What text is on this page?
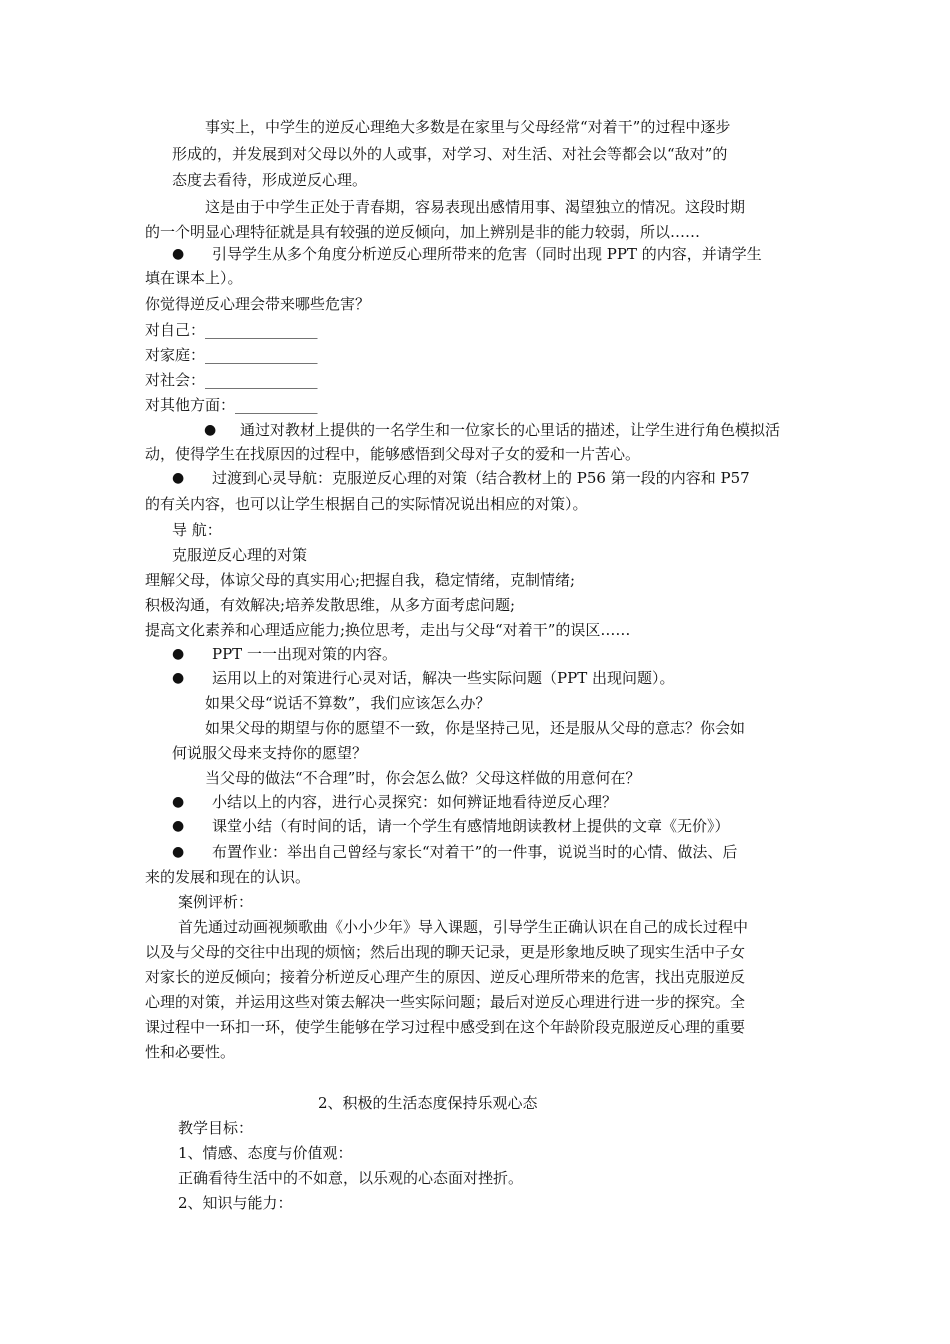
事实上，中学生的逆反心理绝大多数是在家里与父母经常“对着干”的过程中逐步
形成的，并发展到对父母以外的人或事，对学习、对生活、对社会等都会以“敌对”的
态度去看待，形成逆反心理。
这是由于中学生正处于青春期，容易表现出感情用事、渴望独立的情况。这段时期
的一个明显心理特征就是具有较强的逆反倾向，加上辨别是非的能力较弱，所以……
● 引导学生从多个角度分析逆反心理所带来的危害（同时出现 PPT 的内容，并请学生
填在课本上）。
你觉得逆反心理会带来哪些危害？
对自己：_______________
对家庭：_______________
对社会：_______________
对其他方面：___________
● 通过对教材上提供的一名学生和一位家长的心里话的描述，让学生进行角色模拟活
动，使得学生在找原因的过程中，能够感悟到父母对子女的爱和一片苦心。
● 过渡到心灵导航：克服逆反心理的对策（结合教材上的 P56 第一段的内容和 P57
的有关内容，也可以让学生根据自己的实际情况说出相应的对策）。
导 航：
克服逆反心理的对策
理解父母，体谅父母的真实用心;把握自我，稳定情绪，克制情绪;
积极沟通，有效解决;培养发散思维，从多方面考虑问题;
提高文化素养和心理适应能力;换位思考，走出与父母“对着干”的误区……
● PPT 一一出现对策的内容。
● 运用以上的对策进行心灵对话，解决一些实际问题（PPT 出现问题）。
如果父母“说话不算数”，我们应该怎么办？
如果父母的期望与你的愿望不一致，你是坚持己见，还是服从父母的意志？你会如
何说服父母来支持你的愿望？
当父母的做法“不合理”时，你会怎么做？父母这样做的用意何在？
● 小结以上的内容，进行心灵探究：如何辨证地看待逆反心理？
● 课堂小结（有时间的话，请一个学生有感情地朗读教材上提供的文章《无价》）
● 布置作业：举出自己曾经与家长“对着干”的一件事，说说当时的心情、做法、后
来的发展和现在的认识。
案例评析：
首先通过动画视频歌曲《小小少年》导入课题，引导学生正确认识在自己的成长过程中
以及与父母的交往中出现的烦恼；然后出现的聊天记录，更是形象地反映了现实生活中子女
对家长的逆反倾向；接着分析逆反心理产生的原因、逆反心理所带来的危害，找出克服逆反
心理的对策，并运用这些对策去解决一些实际问题；最后对逆反心理进行进一步的探究。全
课过程中一环扣一环，使学生能够在学习过程中感受到在这个年龄阶段克服逆反心理的重要
性和必要性。
2、积极的生活态度保持乐观心态
教学目标：
1、情感、态度与价值观：
正确看待生活中的不如意，以乐观的心态面对挫折。
2、知识与能力：
